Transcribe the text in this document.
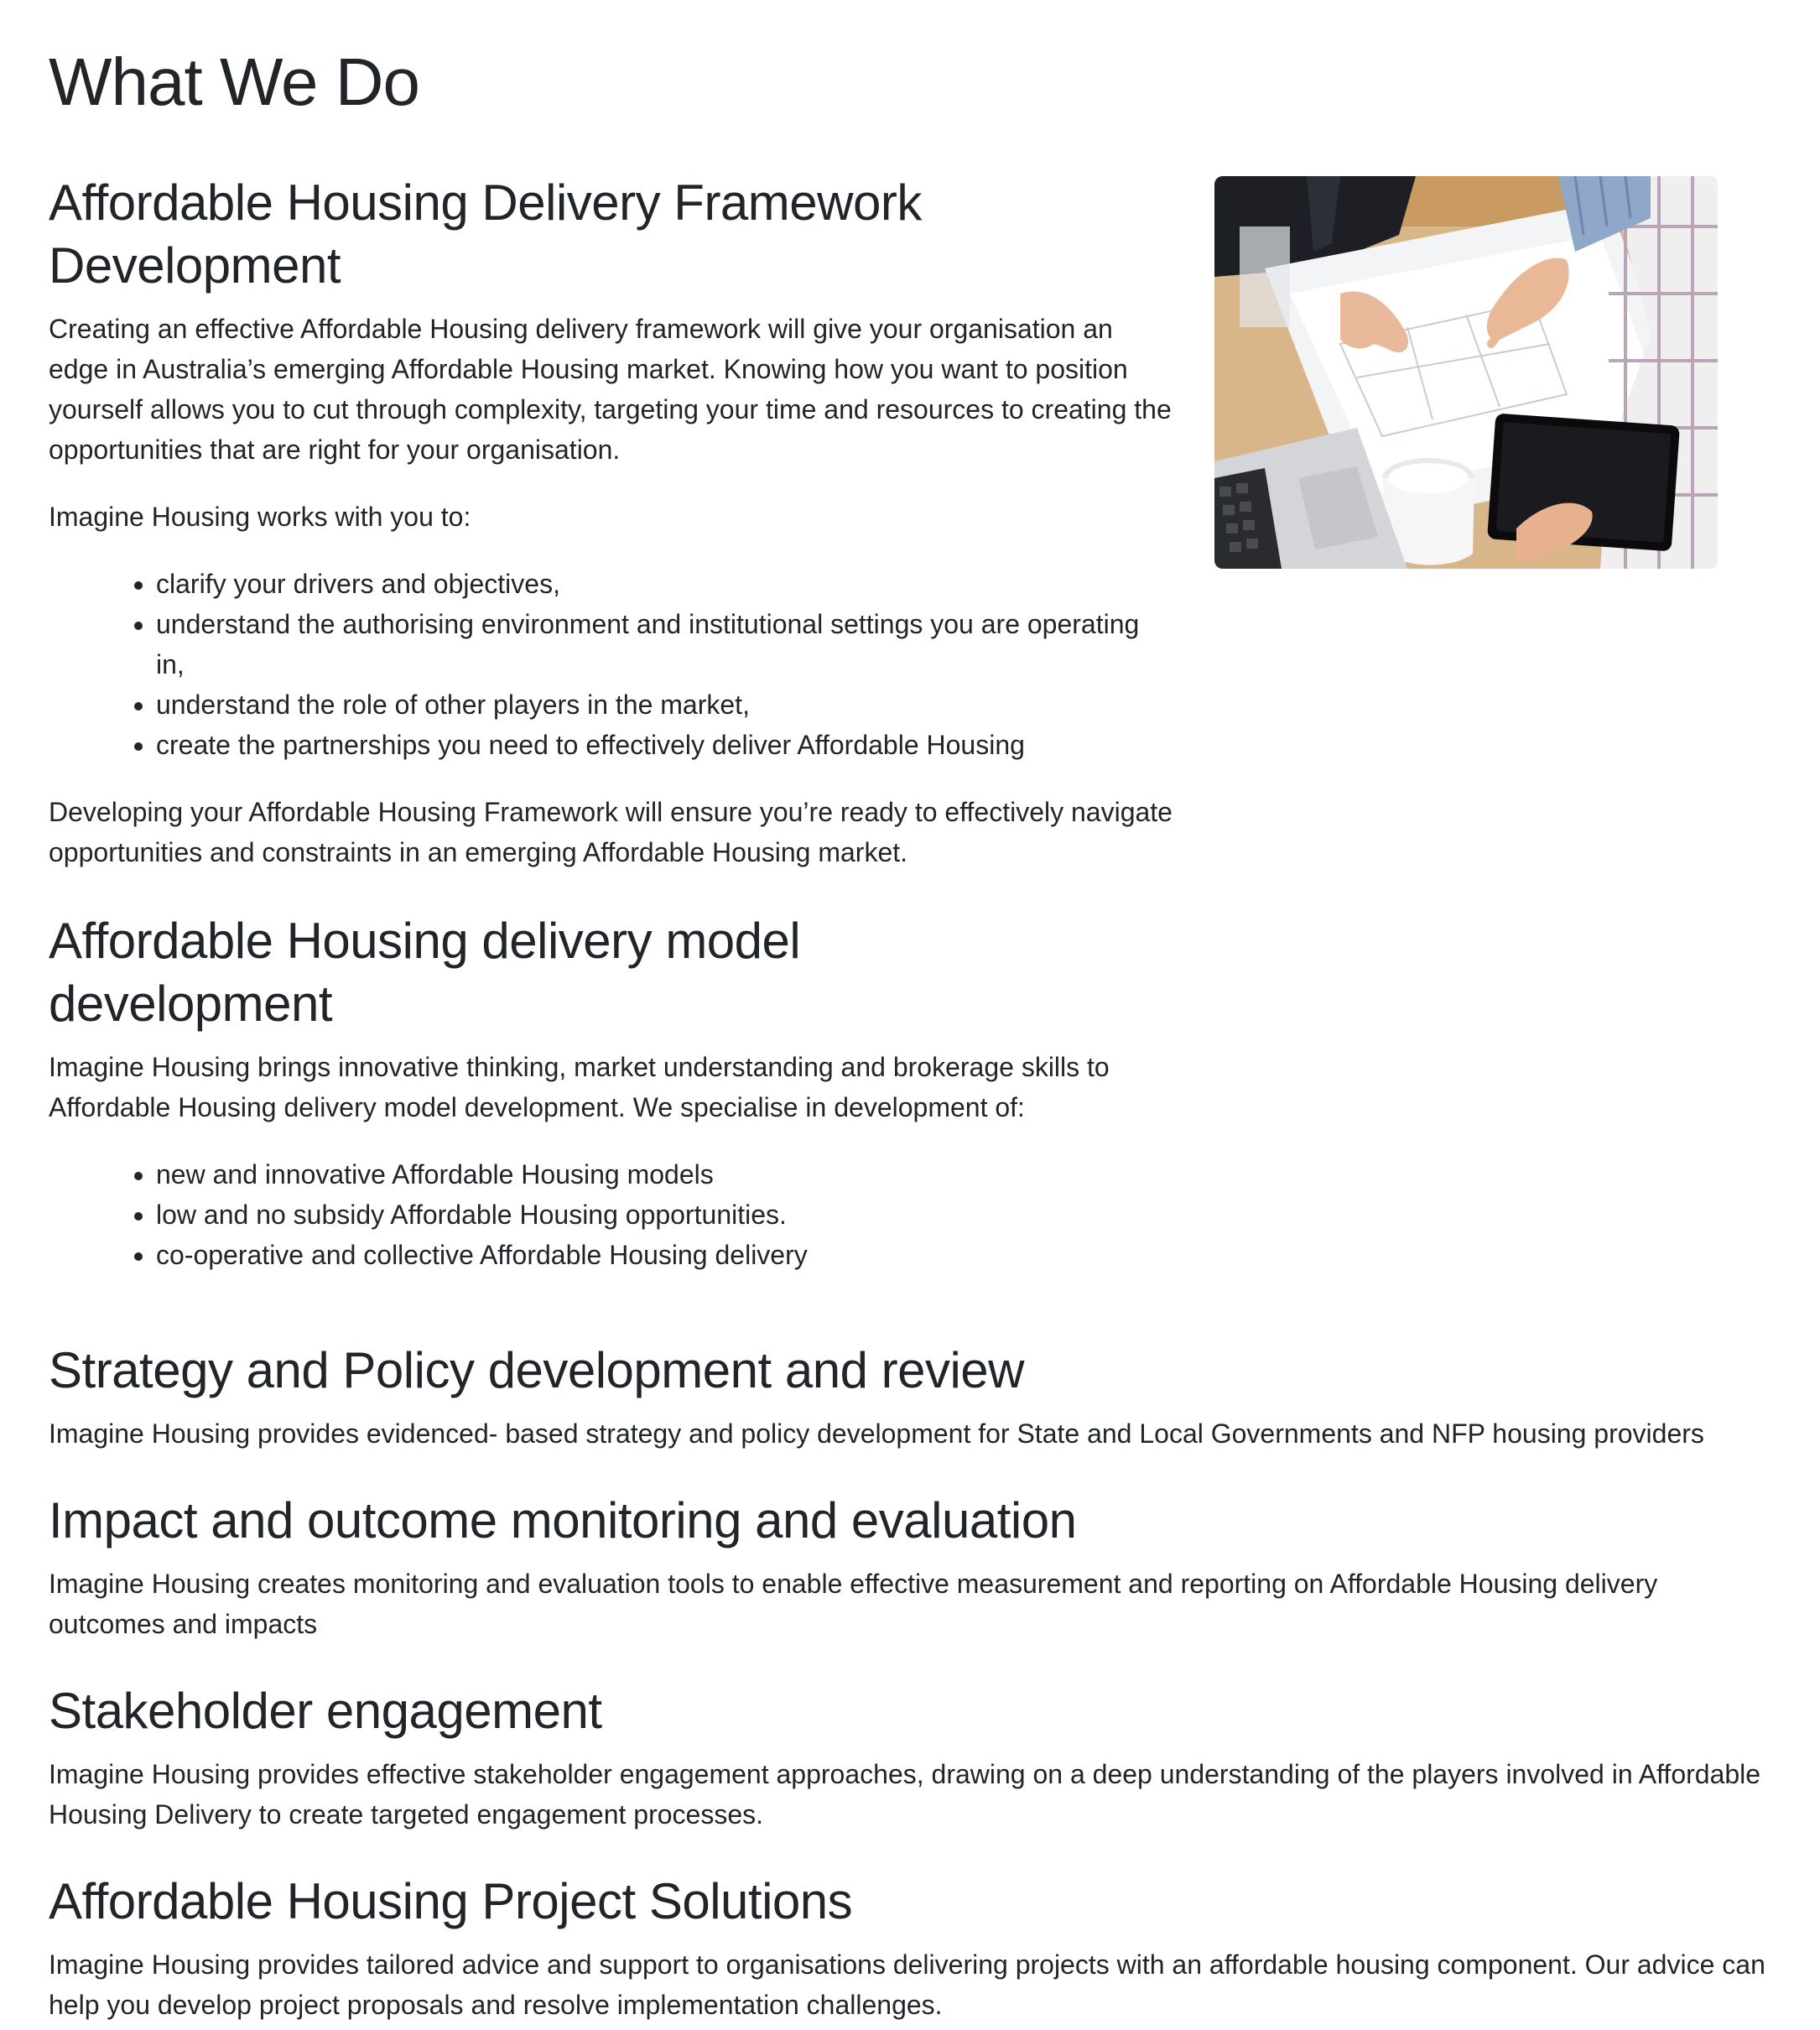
What We Do
Affordable Housing Delivery Framework Development

Creating an effective Affordable Housing delivery framework will give your organisation an edge in Australia’s emerging Affordable Housing market. Knowing how you want to position yourself allows you to cut through complexity, targeting your time and resources to creating the opportunities that are right for your organisation.

Imagine Housing works with you to:

• clarify your drivers and objectives,
• understand the authorising environment and institutional settings you are operating in,
• understand the role of other players in the market,
• create the partnerships you need to effectively deliver Affordable Housing

Developing your Affordable Housing Framework will ensure you’re ready to effectively navigate opportunities and constraints in an emerging Affordable Housing market.

Affordable Housing delivery model development

Imagine Housing brings innovative thinking, market understanding and brokerage skills to Affordable Housing delivery model development. We specialise in development of:

• new and innovative Affordable Housing models
• low and no subsidy Affordable Housing opportunities.
• co-operative and collective Affordable Housing delivery
Strategy and Policy development and review

Imagine Housing provides evidenced- based strategy and policy development for State and Local Governments and NFP housing providers

Impact and outcome monitoring and evaluation

Imagine Housing creates monitoring and evaluation tools to enable effective measurement and reporting on Affordable Housing delivery outcomes and impacts

Stakeholder engagement

Imagine Housing provides effective stakeholder engagement approaches, drawing on a deep understanding of the players involved in Affordable Housing Delivery to create targeted engagement processes.

Affordable Housing Project Solutions

Imagine Housing provides tailored advice and support to organisations delivering projects with an affordable housing component. Our advice can help you develop project proposals and resolve implementation challenges.
